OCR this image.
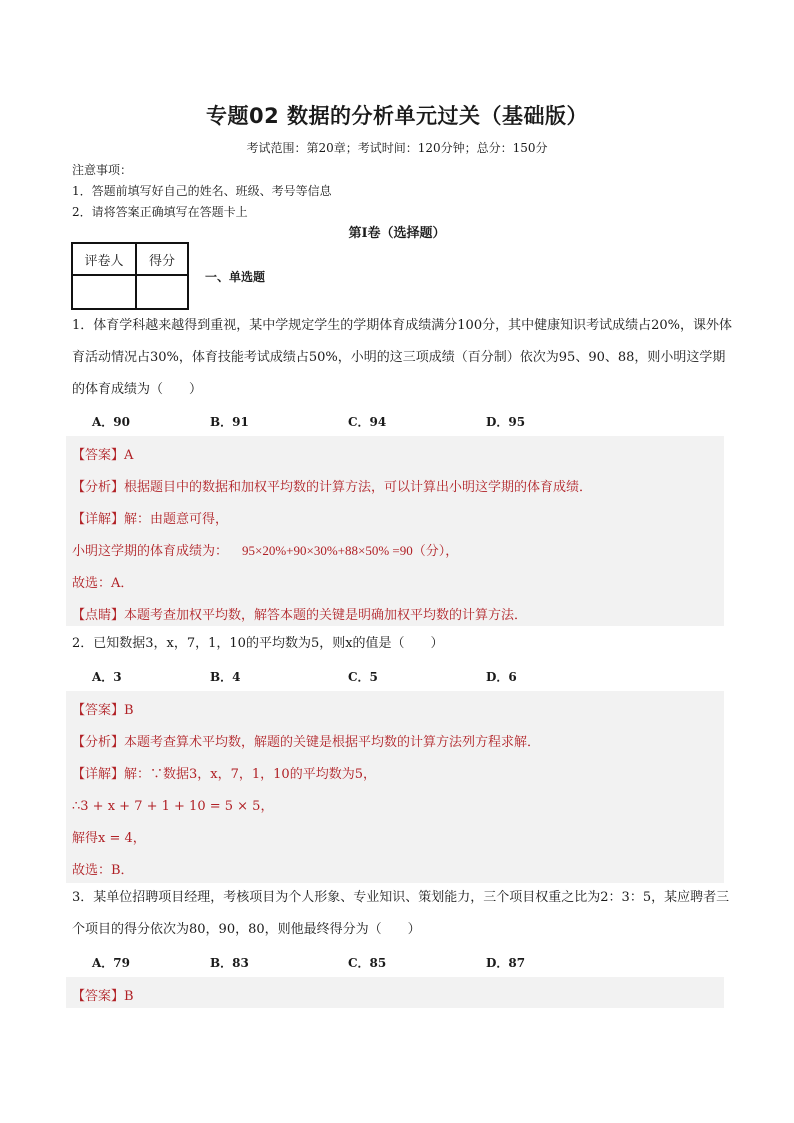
专题02 数据的分析单元过关（基础版）
考试范围：第20章；考试时间：120分钟；总分：150分
注意事项：
1．答题前填写好自己的姓名、班级、考号等信息
2．请将答案正确填写在答题卡上
第I卷（选择题）
评卷人	得分

一、单选题
1．体育学科越来越得到重视，某中学规定学生的学期体育成绩满分100分，其中健康知识考试成绩占20%，课外体育活动情况占30%，体育技能考试成绩占50%，小明的这三项成绩（百分制）依次为95、90、88，则小明这学期的体育成绩为（　　）
A．90	B．91	C．94	D．95
【答案】A
【分析】根据题目中的数据和加权平均数的计算方法，可以计算出小明这学期的体育成绩．
【详解】解：由题意可得，
小明这学期的体育成绩为： 95×20%+90×30%+88×50% =90（分），
故选：A．
【点睛】本题考查加权平均数，解答本题的关键是明确加权平均数的计算方法．
2．已知数据3，x，7，1，10的平均数为5，则x的值是（　　）
A．3	B．4	C．5	D．6
【答案】B
【分析】本题考查算术平均数，解题的关键是根据平均数的计算方法列方程求解．
【详解】解：∵数据3，x，7，1，10的平均数为5，
∴3 + x + 7 + 1 + 10 = 5 × 5，
解得x = 4，
故选：B．
3．某单位招聘项目经理，考核项目为个人形象、专业知识、策划能力，三个项目权重之比为2：3：5，某应聘者三个项目的得分依次为80，90，80，则他最终得分为（　　）
A．79	B．83	C．85	D．87
【答案】B
